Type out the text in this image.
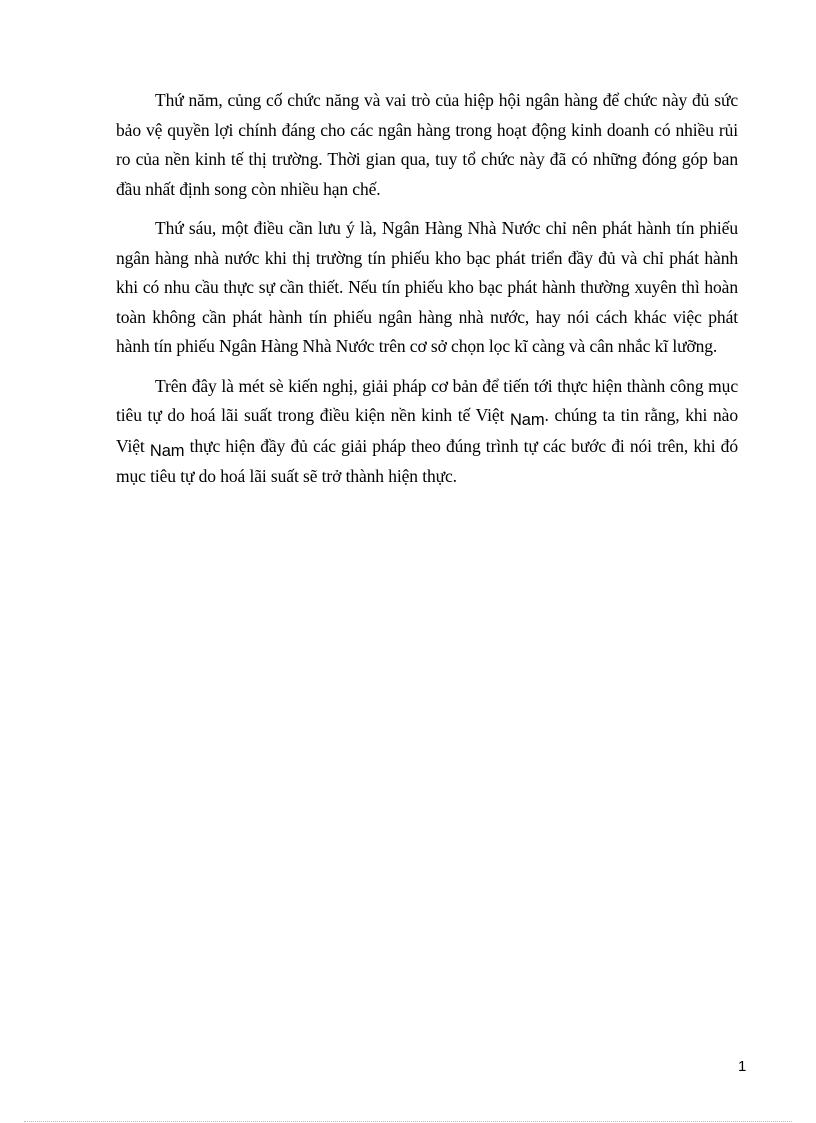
Thứ năm, củng cố chức năng và vai trò của hiệp hội ngân hàng để chức này đủ sức bảo vệ quyền lợi chính đáng cho các ngân hàng trong hoạt động kinh doanh có nhiều rủi ro của nền kinh tế thị trường. Thời gian qua, tuy tổ chức này đã có những đóng góp ban đầu nhất định song còn nhiều hạn chế.

Thứ sáu, một điều cần lưu ý là, Ngân Hàng Nhà Nước chỉ nên phát hành tín phiếu ngân hàng nhà nước khi thị trường tín phiếu kho bạc phát triển đầy đủ và chỉ phát hành khi có nhu cầu thực sự cần thiết. Nếu tín phiếu kho bạc phát hành thường xuyên thì hoàn toàn không cần phát hành tín phiếu ngân hàng nhà nước, hay nói cách khác việc phát hành tín phiếu Ngân Hàng Nhà Nước trên cơ sở chọn lọc kĩ càng và cân nhắc kĩ lưỡng.

Trên đây là mét sè kiến nghị, giải pháp cơ bản để tiến tới thực hiện thành công mục tiêu tự do hoá lãi suất trong điều kiện nền kinh tế Việt Nam. chúng ta tin rằng, khi nào Việt Nam thực hiện đầy đủ các giải pháp theo đúng trình tự các bước đi nói trên, khi đó mục tiêu tự do hoá lãi suất sẽ trở thành hiện thực.

1
